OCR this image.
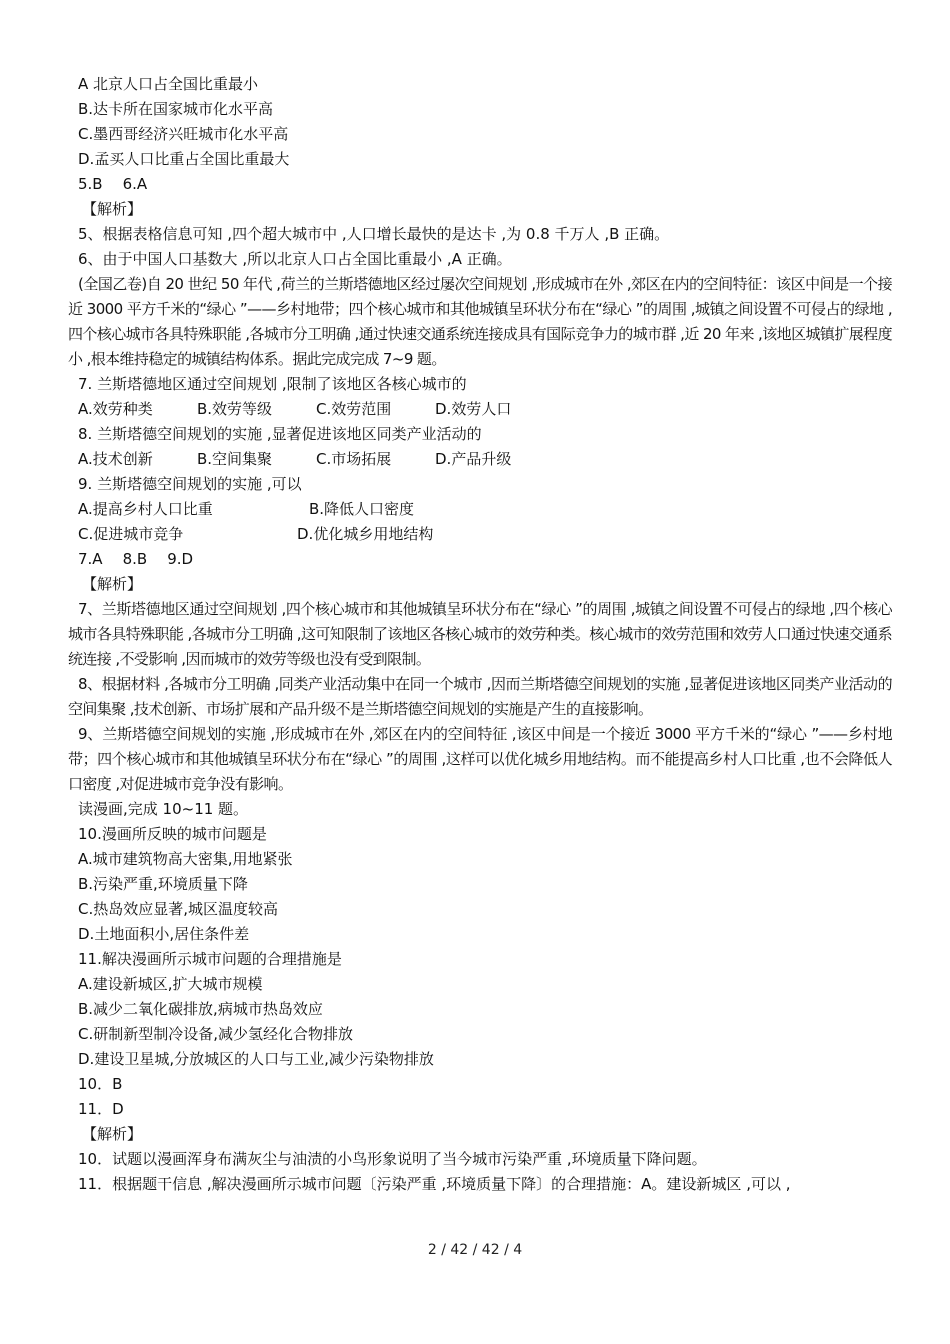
A 北京人口占全国比重最小

B.达卡所在国家城市化水平高

C.墨西哥经济兴旺城市化水平高

D.孟买人口比重占全国比重最大

5.B 6.A

【解析】

5、根据表格信息可知 ,四个超大城市中 ,人口增长最快的是达卡 ,为 0.8 千万人 ,B 正确。

6、由于中国人口基数大 ,所以北京人口占全国比重最小 ,A 正确。

(全国乙卷)自 20 世纪 50 年代 ,荷兰的兰斯塔德地区经过屡次空间规划 ,形成城市在外 ,郊区在内的空间特征：该区中间是一个接近 3000 平方千米的“绿心 ”——乡村地带；四个核心城市和其他城镇呈环状分布在“绿心 ”的周围 ,城镇之间设置不可侵占的绿地 ,四个核心城市各具特殊职能 ,各城市分工明确 ,通过快速交通系统连接成具有国际竞争力的城市群 ,近 20 年来 ,该地区城镇扩展程度小 ,根本维持稳定的城镇结构体系。据此完成完成 7~9 题。

7. 兰斯塔德地区通过空间规划 ,限制了该地区各核心城市的

A.效劳种类	B.效劳等级	C.效劳范围	D.效劳人口

8. 兰斯塔德空间规划的实施 ,显著促进该地区同类产业活动的

A.技术创新	B.空间集聚	C.市场拓展	D.产品升级

9. 兰斯塔德空间规划的实施 ,可以

A.提高乡村人口比重	B.降低人口密度
C.促进城市竞争	D.优化城乡用地结构

7.A 8.B 9.D

【解析】

7、兰斯塔德地区通过空间规划 ,四个核心城市和其他城镇呈环状分布在“绿心 ”的周围 ,城镇之间设置不可侵占的绿地 ,四个核心城市各具特殊职能 ,各城市分工明确 ,这可知限制了该地区各核心城市的效劳种类。核心城市的效劳范围和效劳人口通过快速交通系统连接 ,不受影响 ,因而城市的效劳等级也没有受到限制。

8、根据材料 ,各城市分工明确 ,同类产业活动集中在同一个城市 ,因而兰斯塔德空间规划的实施 ,显著促进该地区同类产业活动的空间集聚 ,技术创新、市场扩展和产品升级不是兰斯塔德空间规划的实施是产生的直接影响。

9、兰斯塔德空间规划的实施 ,形成城市在外 ,郊区在内的空间特征 ,该区中间是一个接近 3000 平方千米的“绿心 ”——乡村地带；四个核心城市和其他城镇呈环状分布在“绿心 ”的周围 ,这样可以优化城乡用地结构。而不能提高乡村人口比重 ,也不会降低人口密度 ,对促进城市竞争没有影响。

读漫画,完成 10~11 题。

10.漫画所反映的城市问题是

A.城市建筑物高大密集,用地紧张

B.污染严重,环境质量下降

C.热岛效应显著,城区温度较高

D.土地面积小,居住条件差

11.解决漫画所示城市问题的合理措施是

A.建设新城区,扩大城市规模

B.减少二氧化碳排放,病城市热岛效应

C.研制新型制冷设备,减少氢经化合物排放

D.建设卫星城,分放城区的人口与工业,减少污染物排放

10．B

11．D

【解析】

10．试题以漫画浑身布满灰尘与油渍的小鸟形象说明了当今城市污染严重 ,环境质量下降问题。

11．根据题干信息 ,解决漫画所示城市问题〔污染严重 ,环境质量下降〕的合理措施：A。建设新城区 ,可以 ,

2 / 42 / 42 / 4
